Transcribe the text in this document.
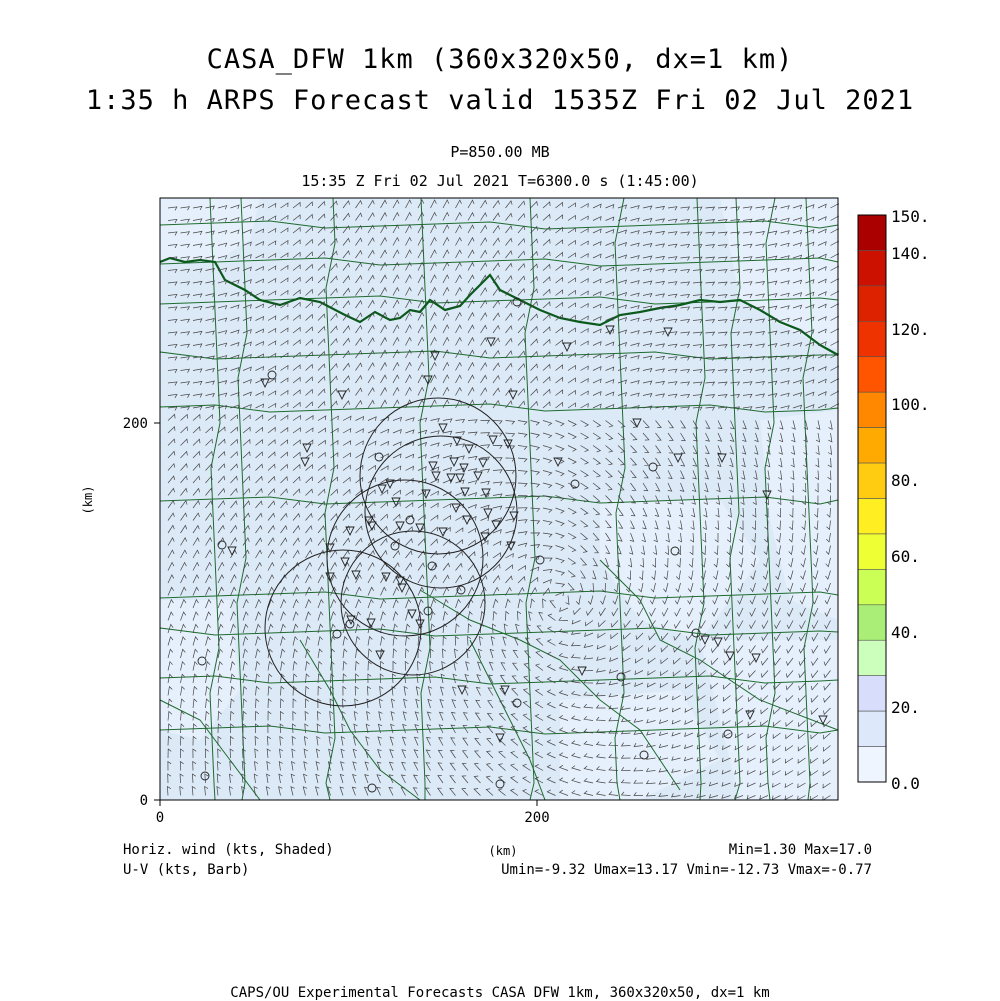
CASA_DFW 1km (360x320x50, dx=1 km)
1:35 h ARPS Forecast valid 1535Z Fri 02 Jul 2021
P=850.00 MB
15:35 Z Fri 02 Jul 2021 T=6300.0 s (1:45:00)
0	200
0
200
(km)
(km)
150.
140.
120.
100.
80.
60.
40.
20.
0.0
Horiz. wind (kts, Shaded)
U-V (kts, Barb)
Min=1.30 Max=17.0
Umin=-9.32 Umax=13.17 Vmin=-12.73 Vmax=-0.77
CAPS/OU Experimental Forecasts CASA DFW 1km, 360x320x50, dx=1 km
